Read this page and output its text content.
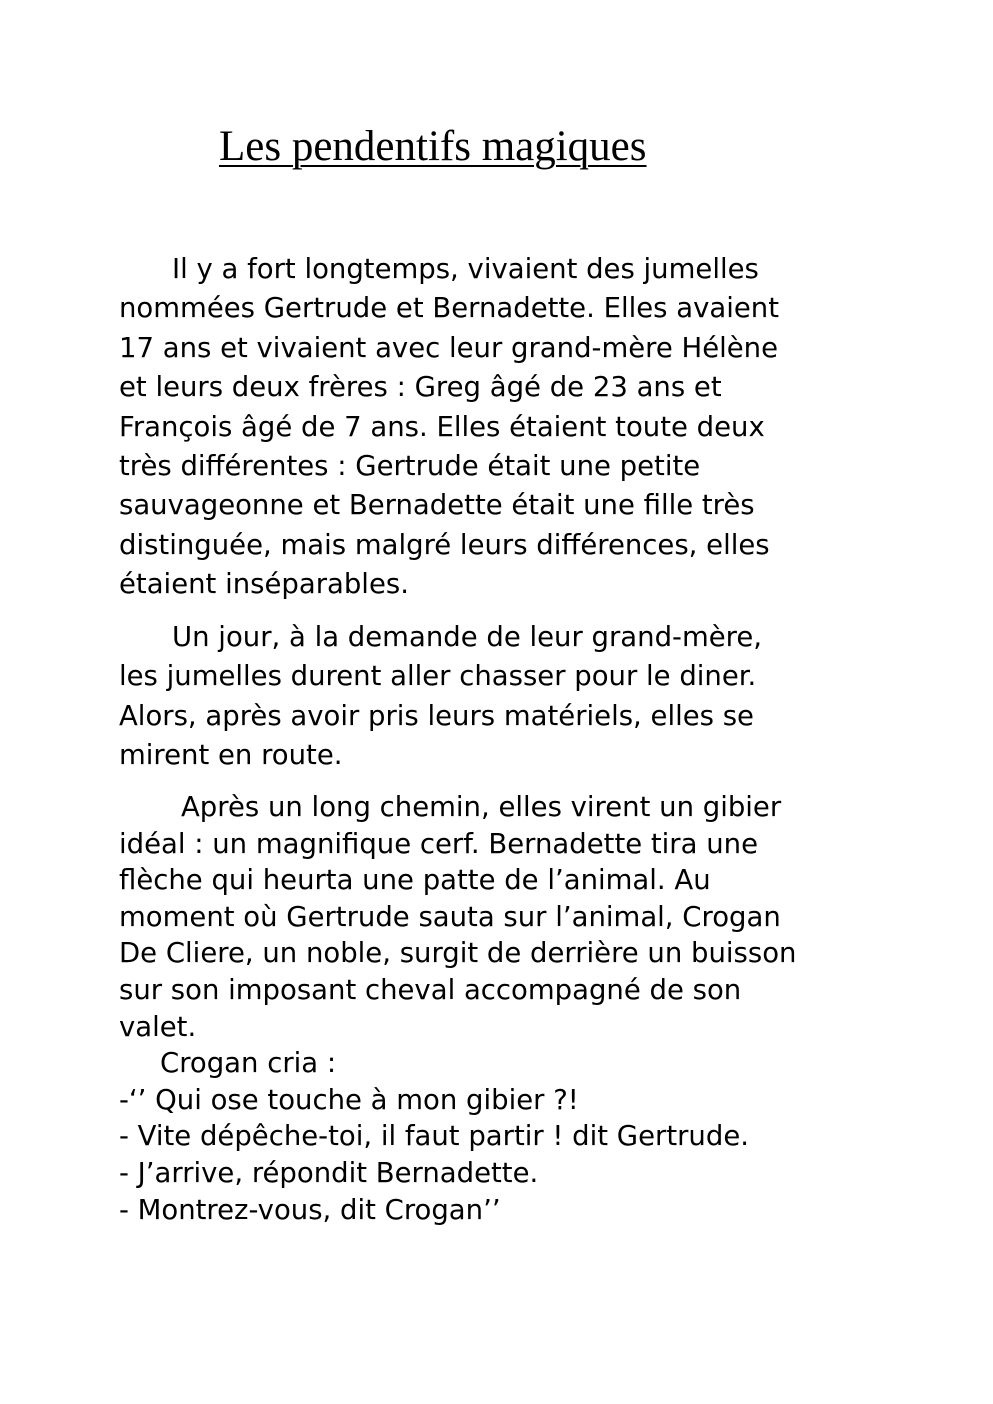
Les pendentifs magiques
Il y a fort longtemps, vivaient des jumelles
nommées Gertrude et Bernadette. Elles avaient
17 ans et vivaient avec leur grand-mère Hélène
et leurs deux frères : Greg âgé de 23 ans et
François âgé de 7 ans. Elles étaient toute deux
très différentes : Gertrude était une petite
sauvageonne et Bernadette était une fille très
distinguée, mais malgré leurs différences, elles
étaient inséparables.
Un jour, à la demande de leur grand-mère,
les jumelles durent aller chasser pour le diner.
Alors, après avoir pris leurs matériels, elles se
mirent en route.
Après un long chemin, elles virent un gibier
idéal : un magnifique cerf. Bernadette tira une
flèche qui heurta une patte de l’animal. Au
moment où Gertrude sauta sur l’animal, Crogan
De Cliere, un noble, surgit de derrière un buisson
sur son imposant cheval accompagné de son
valet.
Crogan cria :
-‘’ Qui ose touche à mon gibier ?!
- Vite dépêche-toi, il faut partir ! dit Gertrude.
- J’arrive, répondit Bernadette.
- Montrez-vous, dit Crogan’’
